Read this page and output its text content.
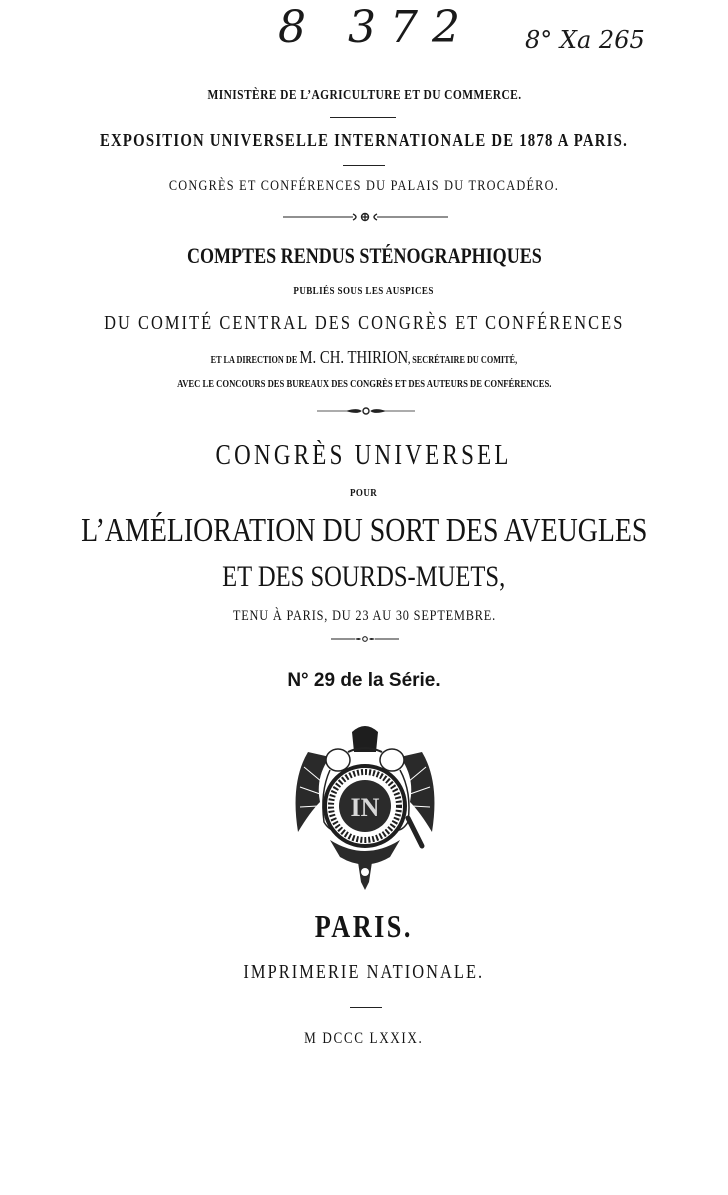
8 372 8° Xa 265
MINISTÈRE DE L’AGRICULTURE ET DU COMMERCE.
EXPOSITION UNIVERSELLE INTERNATIONALE DE 1878 A PARIS.
CONGRÈS ET CONFÉRENCES DU PALAIS DU TROCADÉRO.
COMPTES RENDUS STÉNOGRAPHIQUES
PUBLIÉS SOUS LES AUSPICES
DU COMITÉ CENTRAL DES CONGRÈS ET CONFÉRENCES
ET LA DIRECTION DE M. CH. THIRION, SECRÉTAIRE DU COMITÉ,
AVEC LE CONCOURS DES BUREAUX DES CONGRÈS ET DES AUTEURS DE CONFÉRENCES.
CONGRÈS UNIVERSEL
POUR
L’AMÉLIORATION DU SORT DES AVEUGLES
ET DES SOURDS-MUETS,
TENU À PARIS, DU 23 AU 30 SEPTEMBRE.
N° 29 de la Série.
IN
PARIS.
IMPRIMERIE NATIONALE.
M DCCC LXXIX.
